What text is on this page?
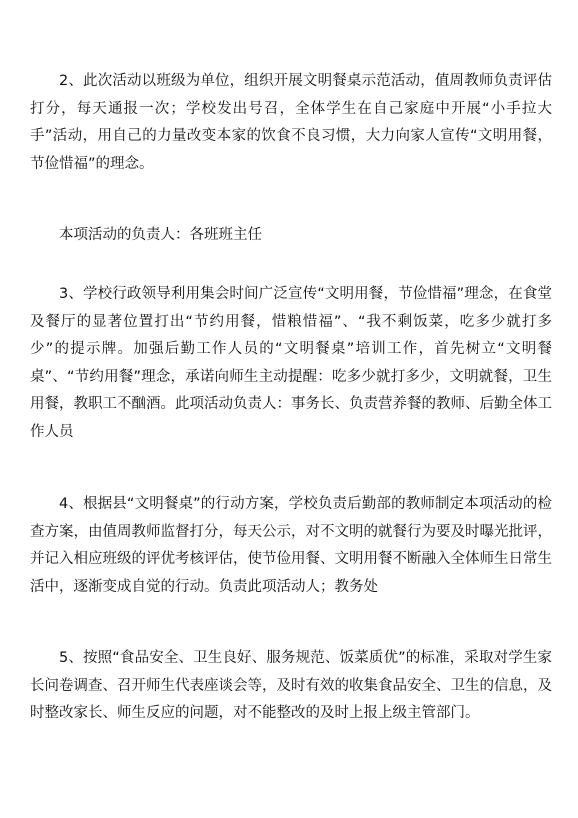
2、此次活动以班级为单位，组织开展文明餐桌示范活动，值周教师负责评估打分，每天通报一次；学校发出号召，全体学生在自己家庭中开展“小手拉大手”活动，用自己的力量改变本家的饮食不良习惯，大力向家人宣传“文明用餐，节俭惜福”的理念。

本项活动的负责人：各班班主任

3、学校行政领导利用集会时间广泛宣传“文明用餐，节俭惜福”理念，在食堂及餐厅的显著位置打出“节约用餐，惜粮惜福”、“我不剩饭菜，吃多少就打多少”的提示牌。加强后勤工作人员的“文明餐桌”培训工作，首先树立“文明餐桌”、“节约用餐”理念，承诺向师生主动提醒：吃多少就打多少，文明就餐，卫生用餐，教职工不酗酒。此项活动负责人：事务长、负责营养餐的教师、后勤全体工作人员

4、根据县“文明餐桌”的行动方案，学校负责后勤部的教师制定本项活动的检查方案，由值周教师监督打分，每天公示，对不文明的就餐行为要及时曝光批评，并记入相应班级的评优考核评估，使节俭用餐、文明用餐不断融入全体师生日常生活中，逐渐变成自觉的行动。负责此项活动人；教务处

5、按照“食品安全、卫生良好、服务规范、饭菜质优”的标准，采取对学生家长问卷调查、召开师生代表座谈会等，及时有效的收集食品安全、卫生的信息，及时整改家长、师生反应的问题，对不能整改的及时上报上级主管部门。
